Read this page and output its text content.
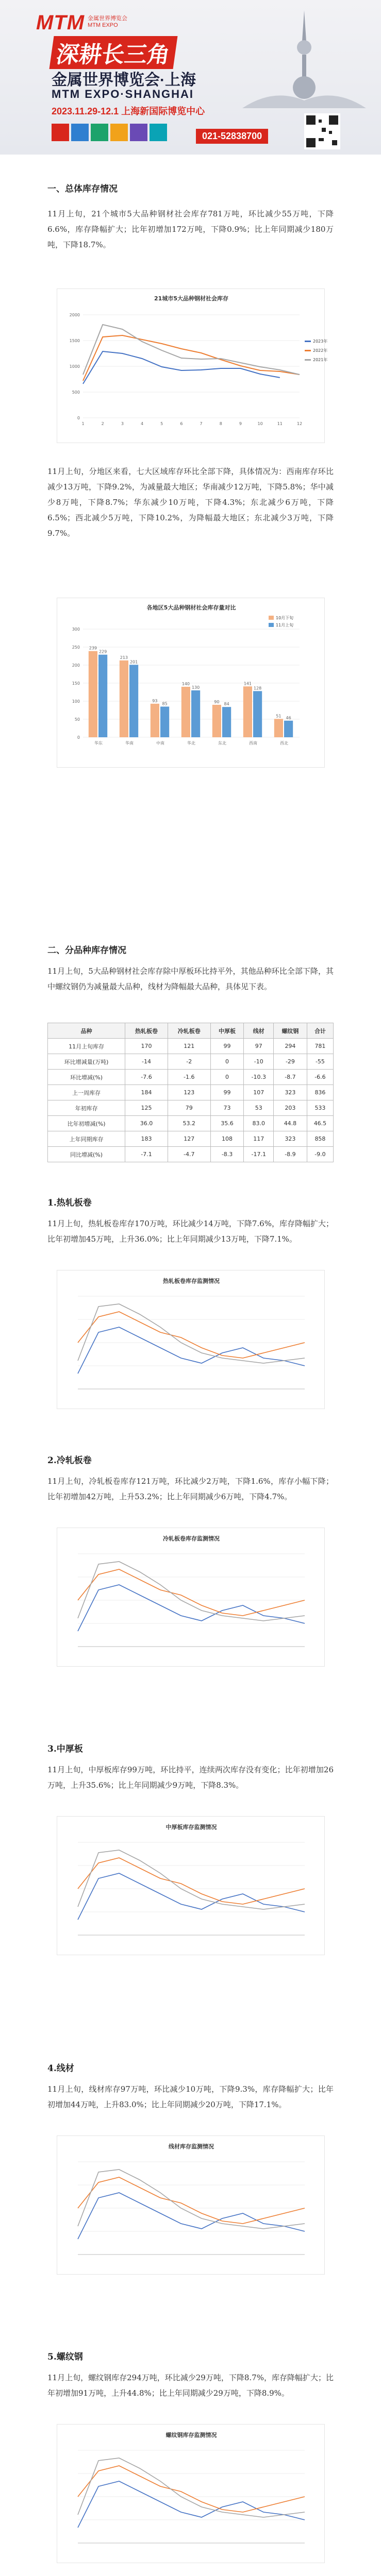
MTM 金属世界博览会
MTM EXPO
深耕长三角
金属世界博览会·上海
MTM EXPO·SHANGHAI
2023.11.29-12.1 上海新国际博览中心
021-52838700
一、总体库存情况
11月上旬，21个城市5大品种钢材社会库存781万吨，环比减少55万吨，下降6.6%，库存降幅扩大；比年初增加172万吨，下降0.9%；比上年同期减少180万吨，下降18.7%。
21城市5大品种钢材社会库存
0
500
1000
1500
2000
1	2	3	4	5	6	7	8	9	10	11	12
2023年
2022年
2021年
11月上旬，分地区来看，七大区域库存环比全部下降，具体情况为：西南库存环比减少13万吨，下降9.2%，为减量最大地区；华南减少12万吨，下降5.8%；华中减少8万吨，下降8.7%；华东减少10万吨，下降4.3%；东北减少6万吨，下降6.5%；西北减少5万吨，下降10.2%，为降幅最大地区；东北减少3万吨，下降9.7%。
各地区5大品种钢材社会库存量对比
0
50
100
150
200
250
300
华东	华南	中南	华北	东北	西南	西北
239
213
93
140
90
141
51
10月下旬
229
201
85
130
84
128
46
11月上旬
二、分品种库存情况
11月上旬，5大品种钢材社会库存除中厚板环比持平外，其他品种环比全部下降，其中螺纹钢仍为减量最大品种，线材为降幅最大品种，具体见下表。
品种	热轧板卷	冷轧板卷	中厚板	线材	螺纹钢	合计
11月上旬库存	170	121	99	97	294	781
环比增减量(万吨)	-14	-2	0	-10	-29	-55
环比增减(%)	-7.6	-1.6	0	-10.3	-8.7	-6.6
上一周库存	184	123	99	107	323	836
年初库存	125	79	73	53	203	533
比年初增减(%)	36.0	53.2	35.6	83.0	44.8	46.5
上年同期库存	183	127	108	117	323	858
同比增减(%)	-7.1	-4.7	-8.3	-17.1	-8.9	-9.0
1.热轧板卷
11月上旬，热轧板卷库存170万吨，环比减少14万吨，下降7.6%，库存降幅扩大；比年初增加45万吨，上升36.0%；比上年同期减少13万吨，下降7.1%。
热轧板卷库存监测情况
2.冷轧板卷
11月上旬，冷轧板卷库存121万吨，环比减少2万吨，下降1.6%，库存小幅下降；比年初增加42万吨，上升53.2%；比上年同期减少6万吨，下降4.7%。
冷轧板卷库存监测情况
3.中厚板
11月上旬，中厚板库存99万吨，环比持平，连续两次库存没有变化；比年初增加26万吨，上升35.6%；比上年同期减少9万吨，下降8.3%。
中厚板库存监测情况
4.线材
11月上旬，线材库存97万吨，环比减少10万吨，下降9.3%，库存降幅扩大；比年初增加44万吨，上升83.0%；比上年同期减少20万吨，下降17.1%。
线材库存监测情况
5.螺纹钢
11月上旬，螺纹钢库存294万吨，环比减少29万吨，下降8.7%，库存降幅扩大；比年初增加91万吨，上升44.8%；比上年同期减少29万吨，下降8.9%。
螺纹钢库存监测情况
